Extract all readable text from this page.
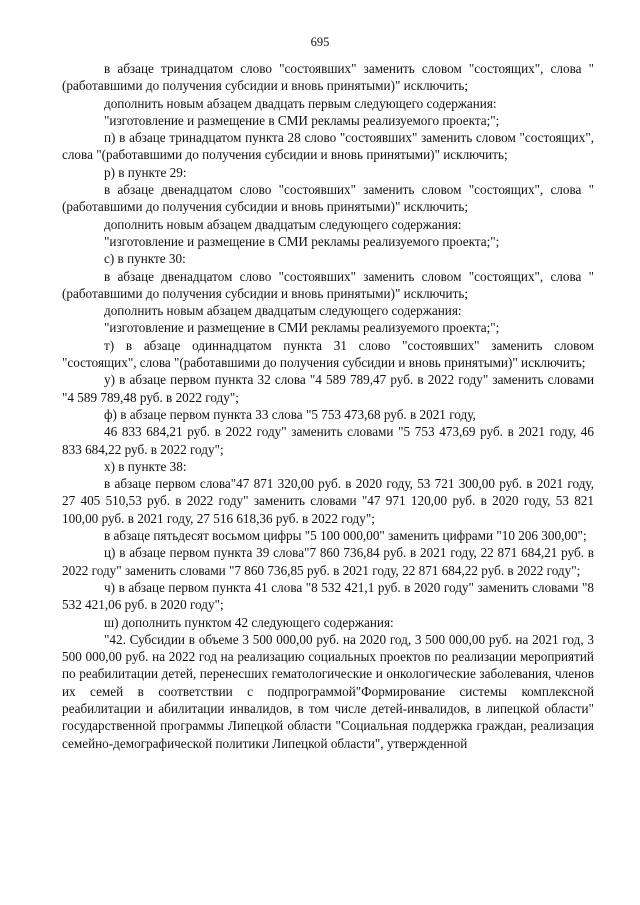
695

в абзаце тринадцатом слово "состоявших" заменить словом "состоящих", слова "(работавшими до получения субсидии и вновь принятыми)" исключить;

дополнить новым абзацем двадцать первым следующего содержания:

"изготовление и размещение в СМИ рекламы реализуемого проекта;";

п) в абзаце тринадцатом пункта 28 слово "состоявших" заменить словом "состоящих", слова "(работавшими до получения субсидии и вновь принятыми)" исключить;

р) в пункте 29:

в абзаце двенадцатом слово "состоявших" заменить словом "состоящих", слова "(работавшими до получения субсидии и вновь принятыми)" исключить;

дополнить новым абзацем двадцатым следующего содержания:

"изготовление и размещение в СМИ рекламы реализуемого проекта;";

с) в пункте 30:

в абзаце двенадцатом слово "состоявших" заменить словом "состоящих", слова "(работавшими до получения субсидии и вновь принятыми)" исключить;

дополнить новым абзацем двадцатым следующего содержания:

"изготовление и размещение в СМИ рекламы реализуемого проекта;";

т) в абзаце одиннадцатом пункта 31 слово "состоявших" заменить словом "состоящих", слова "(работавшими до получения субсидии и вновь принятыми)" исключить;

у) в абзаце первом пункта 32 слова "4 589 789,47 руб. в 2022 году" заменить словами "4 589 789,48 руб. в 2022 году";

ф) в абзаце первом пункта 33 слова "5 753 473,68 руб. в 2021 году,

46 833 684,21 руб. в 2022 году" заменить словами "5 753 473,69 руб. в 2021 году, 46 833 684,22 руб. в 2022 году";

х) в пункте 38:

в абзаце первом слова"47 871 320,00 руб. в 2020 году, 53 721 300,00 руб. в 2021 году, 27 405 510,53 руб. в 2022 году" заменить словами "47 971 120,00 руб. в 2020 году, 53 821 100,00 руб. в 2021 году, 27 516 618,36 руб. в 2022 году";

в абзаце пятьдесят восьмом цифры "5 100 000,00" заменить цифрами "10 206 300,00";

ц) в абзаце первом пункта 39 слова"7 860 736,84 руб. в 2021 году, 22 871 684,21 руб. в 2022 году" заменить словами "7 860 736,85 руб. в 2021 году, 22 871 684,22 руб. в 2022 году";

ч) в абзаце первом пункта 41 слова "8 532 421,1 руб. в 2020 году" заменить словами "8 532 421,06 руб. в 2020 году";

ш) дополнить пунктом 42 следующего содержания:

"42. Субсидии в объеме 3 500 000,00 руб. на 2020 год, 3 500 000,00 руб. на 2021 год, 3 500 000,00 руб. на 2022 год на реализацию социальных проектов по реализации мероприятий по реабилитации детей, перенесших гематологические и онкологические заболевания, членов их семей в соответствии с подпрограммой"Формирование системы комплексной реабилитации и абилитации инвалидов, в том числе детей-инвалидов, в липецкой области" государственной программы Липецкой области "Социальная поддержка граждан, реализация семейно-демографической политики Липецкой области", утвержденной
